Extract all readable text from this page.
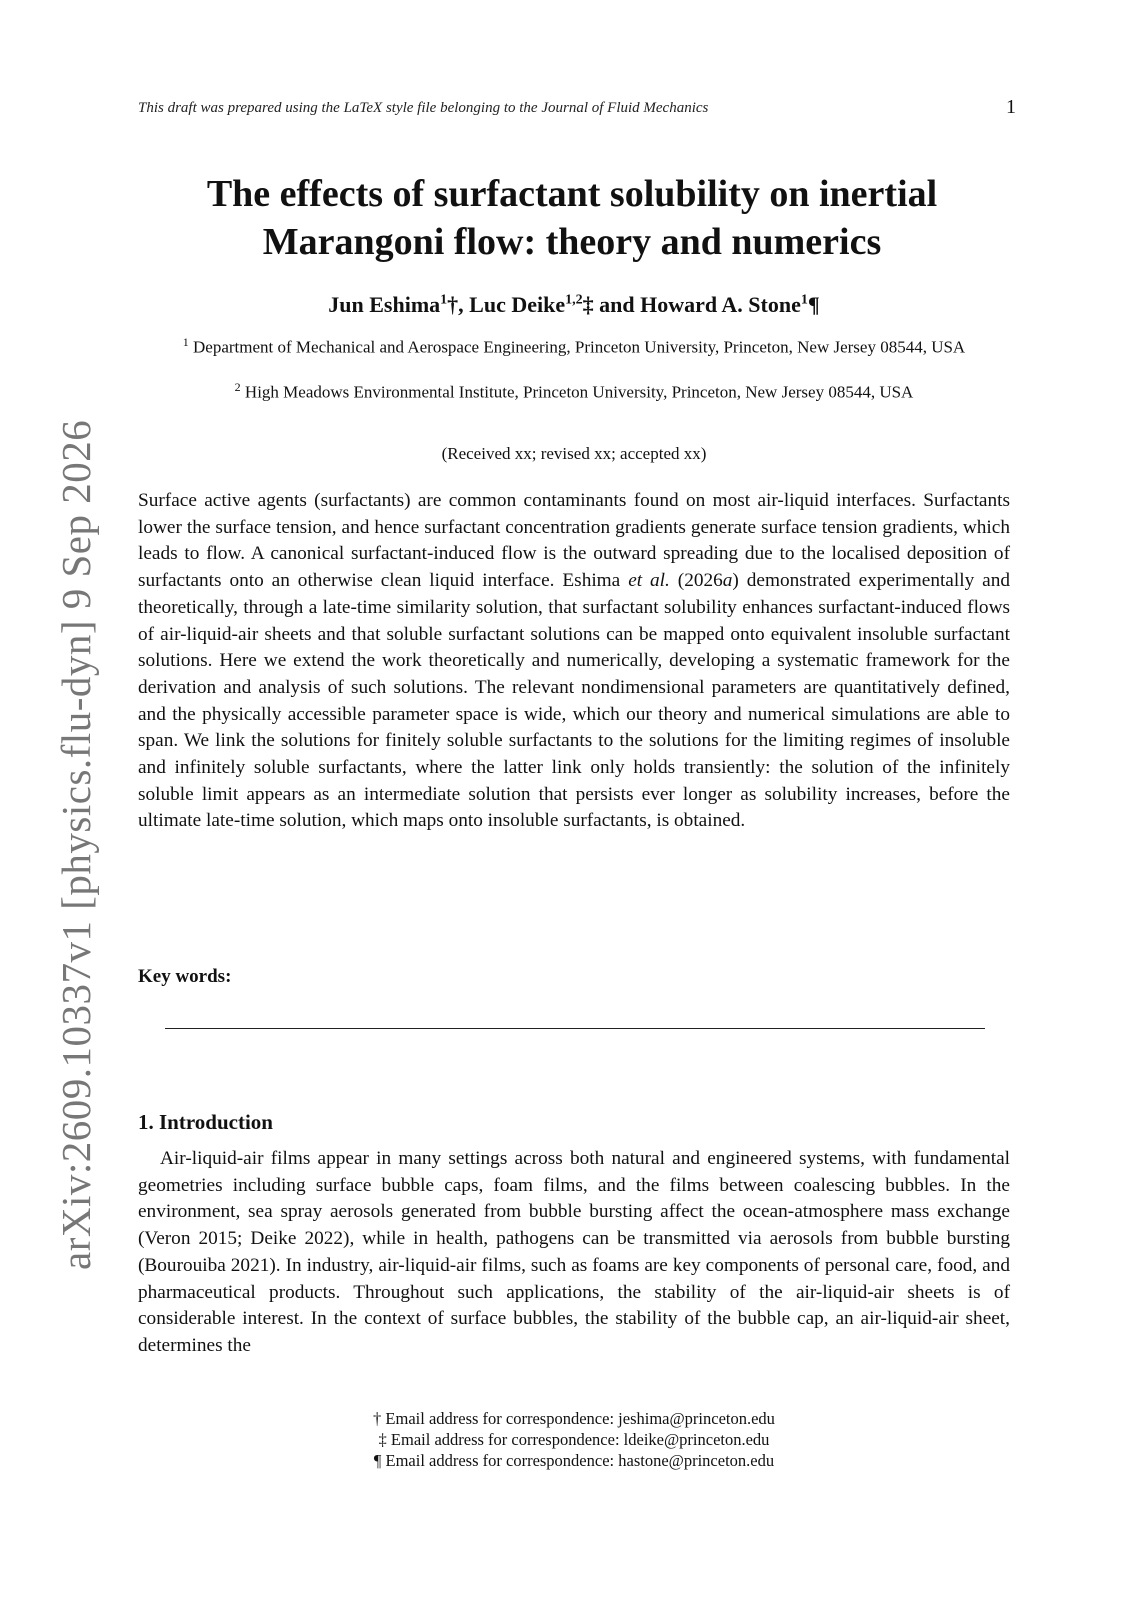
This draft was prepared using the LaTeX style file belonging to the Journal of Fluid Mechanics	1
arXiv:2609.10337v1 [physics.flu-dyn] 9 Sep 2026
The effects of surfactant solubility on inertial
Marangoni flow: theory and numerics
Jun Eshima$^1$†, Luc Deike$^{1,2}$‡ and Howard A. Stone$^1$¶
$^1$ Department of Mechanical and Aerospace Engineering, Princeton University, Princeton, New Jersey 08544, USA
$^2$ High Meadows Environmental Institute, Princeton University, Princeton, New Jersey 08544, USA
(Received xx; revised xx; accepted xx)
Surface active agents (surfactants) are common contaminants found on most air-liquid interfaces. Surfactants lower the surface tension, and hence surfactant concentration gradients generate surface tension gradients, which leads to flow. A canonical surfactant-induced flow is the outward spreading due to the localised deposition of surfactants onto an otherwise clean liquid interface. Eshima et al. (2026a) demonstrated experimentally and theoretically, through a late-time similarity solution, that surfactant solubility enhances surfactant-induced flows of air-liquid-air sheets and that soluble surfactant solutions can be mapped onto equivalent insoluble surfactant solutions. Here we extend the work theoretically and numerically, developing a systematic framework for the derivation and analysis of such solutions. The relevant nondimensional parameters are quantitatively defined, and the physically accessible parameter space is wide, which our theory and numerical simulations are able to span. We link the solutions for finitely soluble surfactants to the solutions for the limiting regimes of insoluble and infinitely soluble surfactants, where the latter link only holds transiently: the solution of the infinitely soluble limit appears as an intermediate solution that persists ever longer as solubility increases, before the ultimate late-time solution, which maps onto insoluble surfactants, is obtained.
Key words:
1. Introduction
Air-liquid-air films appear in many settings across both natural and engineered systems, with fundamental geometries including surface bubble caps, foam films, and the films between coalescing bubbles. In the environment, sea spray aerosols generated from bubble bursting affect the ocean-atmosphere mass exchange (Veron 2015; Deike 2022), while in health, pathogens can be transmitted via aerosols from bubble bursting (Bourouiba 2021). In industry, air-liquid-air films, such as foams are key components of personal care, food, and pharmaceutical products. Throughout such applications, the stability of the air-liquid-air sheets is of considerable interest. In the context of surface bubbles, the stability of the bubble cap, an air-liquid-air sheet, determines the
† Email address for correspondence: jeshima@princeton.edu
‡ Email address for correspondence: ldeike@princeton.edu
¶ Email address for correspondence: hastone@princeton.edu
